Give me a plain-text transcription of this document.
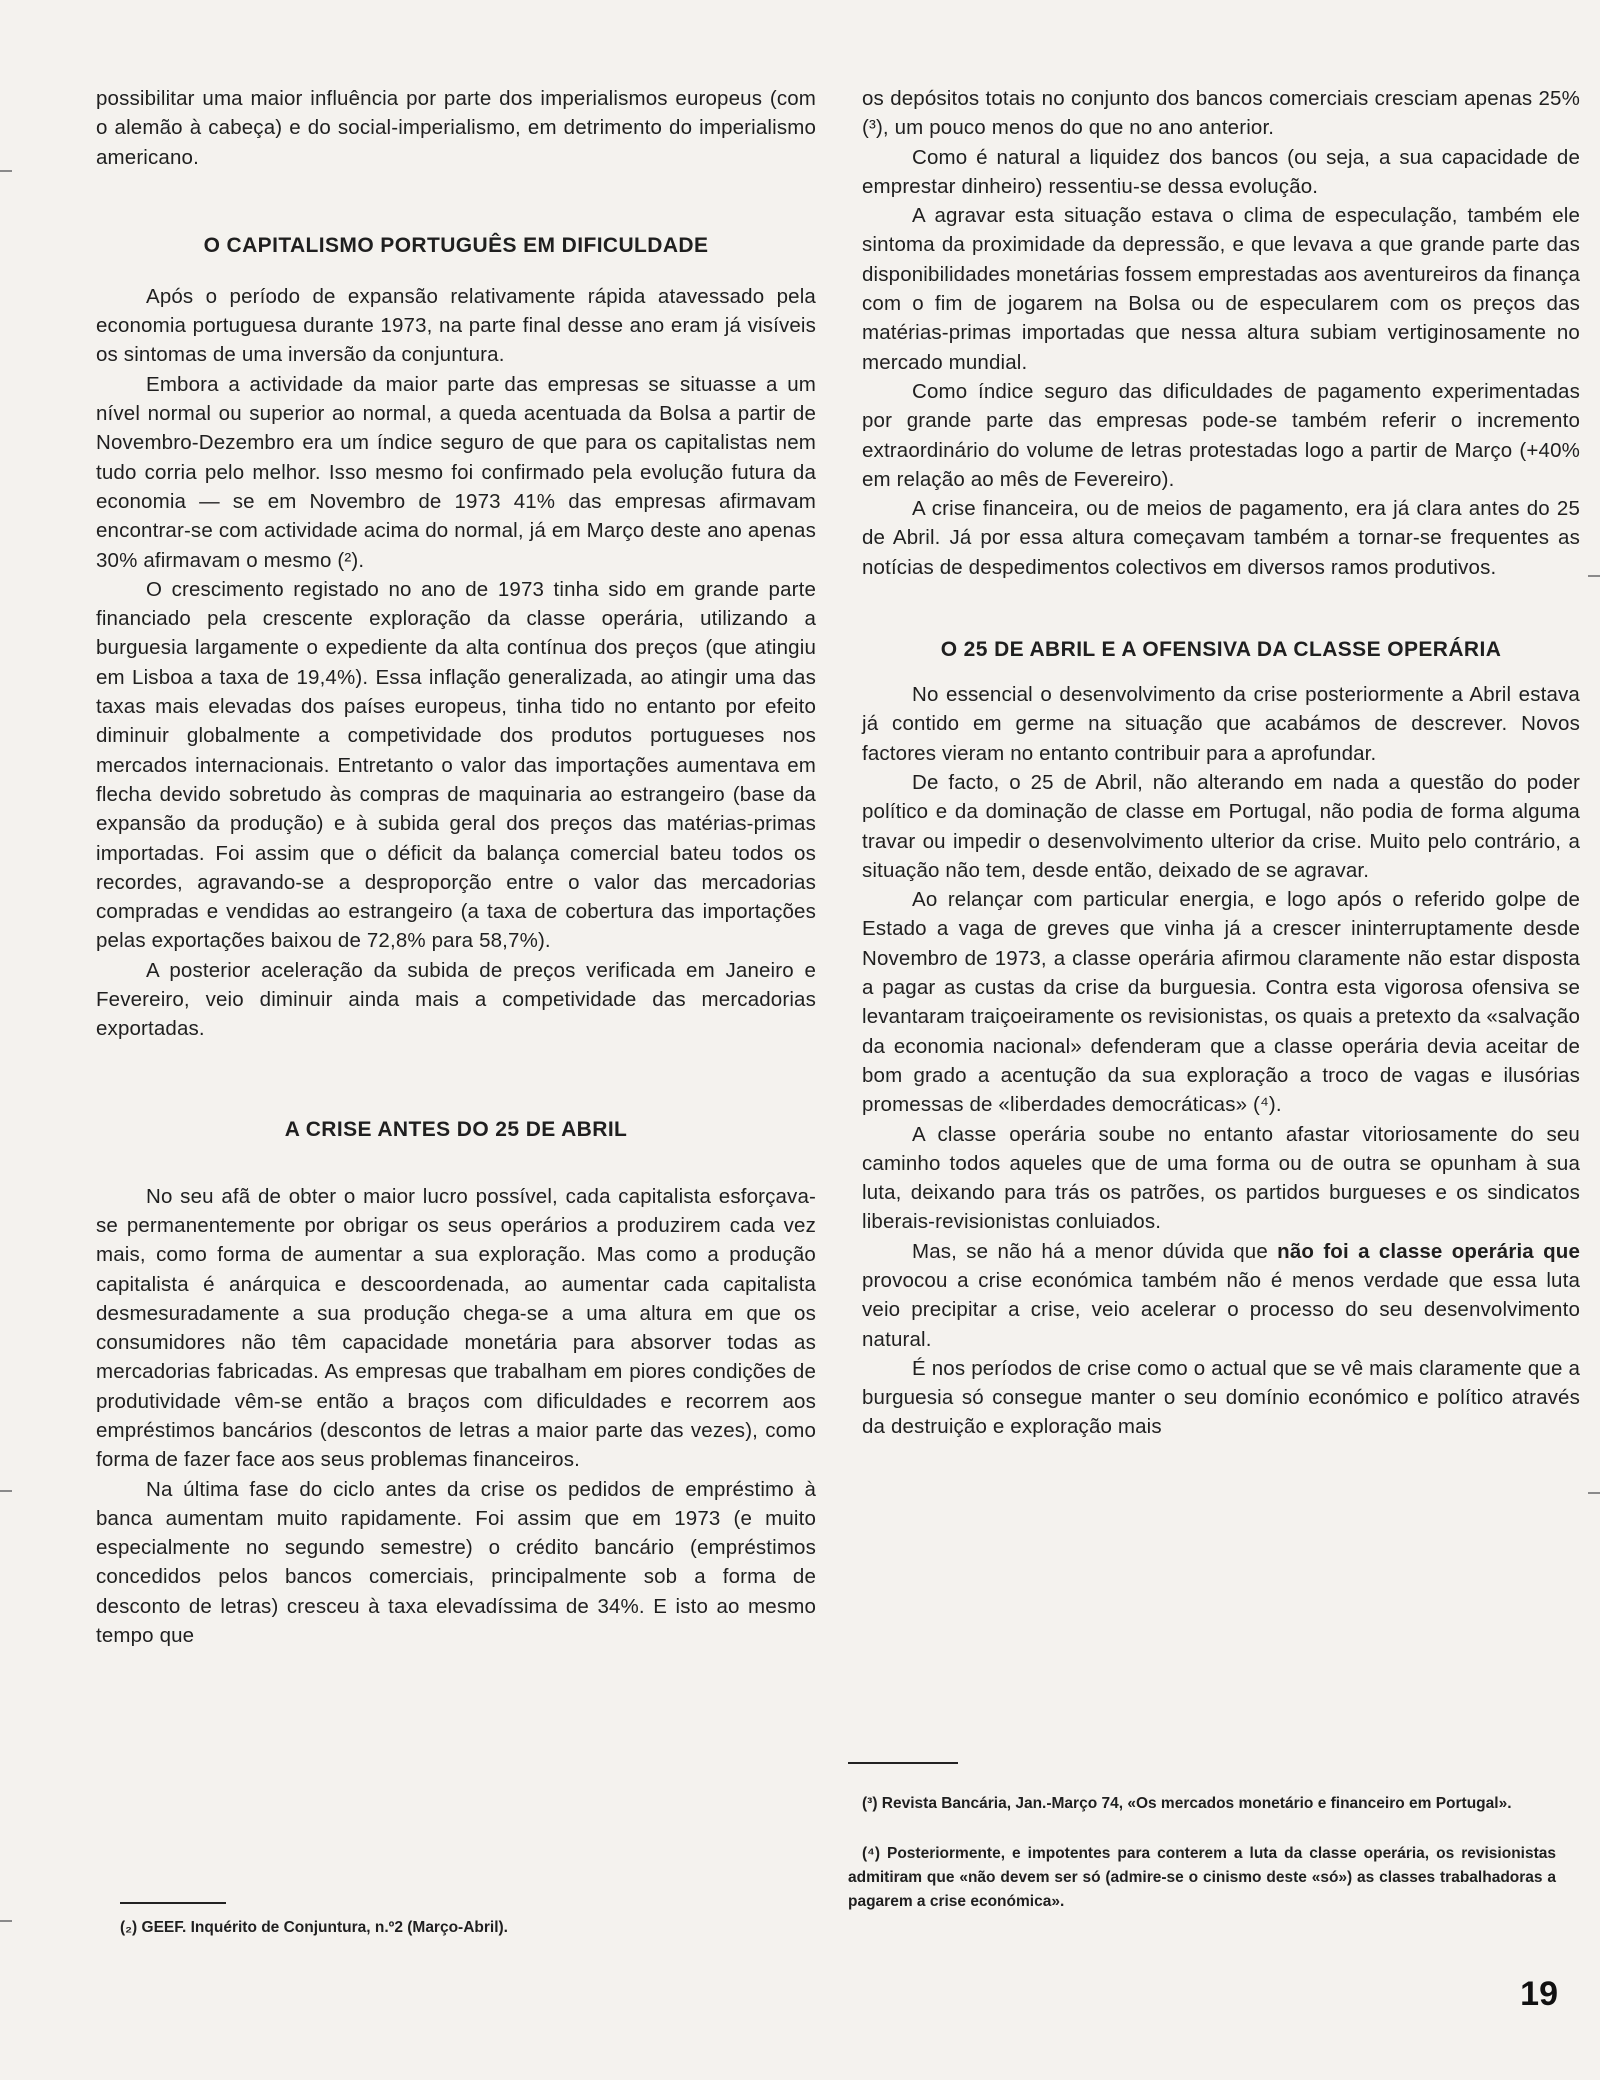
possibilitar uma maior influência por parte dos imperialismos europeus (com o alemão à cabeça) e do social-imperialismo, em detrimento do imperialismo americano.

O CAPITALISMO PORTUGUÊS EM DIFICULDADE

Após o período de expansão relativamente rápida atavessado pela economia portuguesa durante 1973, na parte final desse ano eram já visíveis os sintomas de uma inversão da conjuntura.

Embora a actividade da maior parte das empresas se situasse a um nível normal ou superior ao normal, a queda acentuada da Bolsa a partir de Novembro-Dezembro era um índice seguro de que para os capitalistas nem tudo corria pelo melhor. Isso mesmo foi confirmado pela evolução futura da economia — se em Novembro de 1973 41% das empresas afirmavam encontrar-se com actividade acima do normal, já em Março deste ano apenas 30% afirmavam o mesmo (²).

O crescimento registado no ano de 1973 tinha sido em grande parte financiado pela crescente exploração da classe operária, utilizando a burguesia largamente o expediente da alta contínua dos preços (que atingiu em Lisboa a taxa de 19,4%). Essa inflação generalizada, ao atingir uma das taxas mais elevadas dos países europeus, tinha tido no entanto por efeito diminuir globalmente a competividade dos produtos portugueses nos mercados internacionais. Entretanto o valor das importações aumentava em flecha devido sobretudo às compras de maquinaria ao estrangeiro (base da expansão da produção) e à subida geral dos preços das matérias-primas importadas. Foi assim que o déficit da balança comercial bateu todos os recordes, agravando-se a desproporção entre o valor das mercadorias compradas e vendidas ao estrangeiro (a taxa de cobertura das importações pelas exportações baixou de 72,8% para 58,7%).

A posterior aceleração da subida de preços verificada em Janeiro e Fevereiro, veio diminuir ainda mais a competividade das mercadorias exportadas.

A CRISE ANTES DO 25 DE ABRIL

No seu afã de obter o maior lucro possível, cada capitalista esforçava-se permanentemente por obrigar os seus operários a produzirem cada vez mais, como forma de aumentar a sua exploração. Mas como a produção capitalista é anárquica e descoordenada, ao aumentar cada capitalista desmesuradamente a sua produção chega-se a uma altura em que os consumidores não têm capacidade monetária para absorver todas as mercadorias fabricadas. As empresas que trabalham em piores condições de produtividade vêm-se então a braços com dificuldades e recorrem aos empréstimos bancários (descontos de letras a maior parte das vezes), como forma de fazer face aos seus problemas financeiros.

Na última fase do ciclo antes da crise os pedidos de empréstimo à banca aumentam muito rapidamente. Foi assim que em 1973 (e muito especialmente no segundo semestre) o crédito bancário (empréstimos concedidos pelos bancos comerciais, principalmente sob a forma de desconto de letras) cresceu à taxa elevadíssima de 34%. E isto ao mesmo tempo que

(₂) GEEF. Inquérito de Conjuntura, n.º2 (Março-Abril).

os depósitos totais no conjunto dos bancos comerciais cresciam apenas 25% (³), um pouco menos do que no ano anterior.

Como é natural a liquidez dos bancos (ou seja, a sua capacidade de emprestar dinheiro) ressentiu-se dessa evolução.

A agravar esta situação estava o clima de especulação, também ele sintoma da proximidade da depressão, e que levava a que grande parte das disponibilidades monetárias fossem emprestadas aos aventureiros da finança com o fim de jogarem na Bolsa ou de especularem com os preços das matérias-primas importadas que nessa altura subiam vertiginosamente no mercado mundial.

Como índice seguro das dificuldades de pagamento experimentadas por grande parte das empresas pode-se também referir o incremento extraordinário do volume de letras protestadas logo a partir de Março (+40% em relação ao mês de Fevereiro).

A crise financeira, ou de meios de pagamento, era já clara antes do 25 de Abril. Já por essa altura começavam também a tornar-se frequentes as notícias de despedimentos colectivos em diversos ramos produtivos.

O 25 DE ABRIL E A OFENSIVA DA CLASSE OPERÁRIA

No essencial o desenvolvimento da crise posteriormente a Abril estava já contido em germe na situação que acabámos de descrever. Novos factores vieram no entanto contribuir para a aprofundar.

De facto, o 25 de Abril, não alterando em nada a questão do poder político e da dominação de classe em Portugal, não podia de forma alguma travar ou impedir o desenvolvimento ulterior da crise. Muito pelo contrário, a situação não tem, desde então, deixado de se agravar.

Ao relançar com particular energia, e logo após o referido golpe de Estado a vaga de greves que vinha já a crescer ininterruptamente desde Novembro de 1973, a classe operária afirmou claramente não estar disposta a pagar as custas da crise da burguesia. Contra esta vigorosa ofensiva se levantaram traiçoeiramente os revisionistas, os quais a pretexto da «salvação da economia nacional» defenderam que a classe operária devia aceitar de bom grado a acentução da sua exploração a troco de vagas e ilusórias promessas de «liberdades democráticas» (⁴).

A classe operária soube no entanto afastar vitoriosamente do seu caminho todos aqueles que de uma forma ou de outra se opunham à sua luta, deixando para trás os patrões, os partidos burgueses e os sindicatos liberais-revisionistas conluiados.

Mas, se não há a menor dúvida que não foi a classe operária que provocou a crise económica também não é menos verdade que essa luta veio precipitar a crise, veio acelerar o processo do seu desenvolvimento natural.

É nos períodos de crise como o actual que se vê mais claramente que a burguesia só consegue manter o seu domínio económico e político através da destruição e exploração mais

(³) Revista Bancária, Jan.-Março 74, «Os mercados monetário e financeiro em Portugal».
(⁴) Posteriormente, e impotentes para conterem a luta da classe operária, os revisionistas admitiram que «não devem ser só (admire-se o cinismo deste «só») as classes trabalhadoras a pagarem a crise económica».
19
